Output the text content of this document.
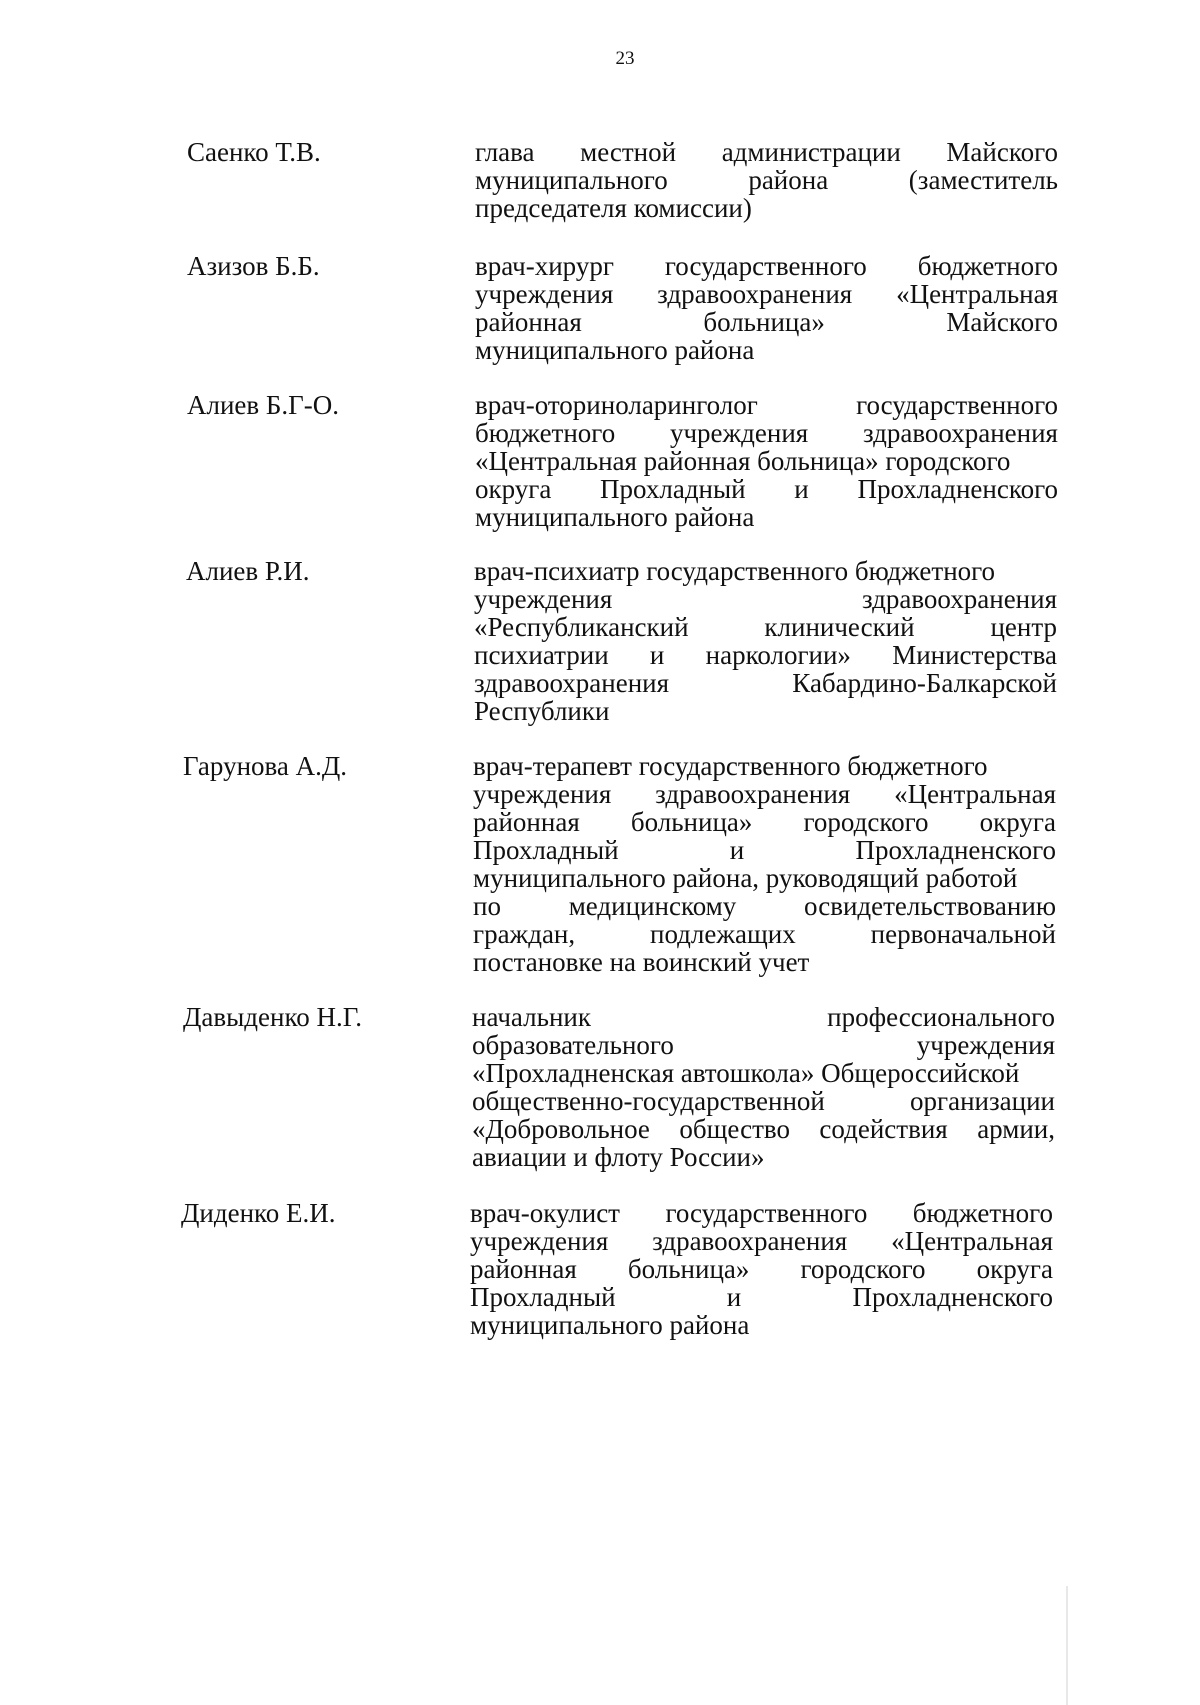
23
Саенко Т.В.	глава местной администрации Майского
муниципального	района	(заместитель
председателя комиссии)
Азизов Б.Б.	врач-хирург государственного бюджетного
учреждения здравоохранения «Центральная
районная	больница»	Майского
муниципального района
Алиев Б.Г-О.	врач-оториноларинголог	государственного
бюджетного учреждения здравоохранения
«Центральная районная больница» городского
округа Прохладный и Прохладненского
муниципального района
Алиев Р.И.	врач-психиатр государственного бюджетного
учреждения	здравоохранения
«Республиканский	клинический	центр
психиатрии и наркологии» Министерства
здравоохранения	Кабардино-Балкарской
Республики
Гарунова А.Д.	врач-терапевт государственного бюджетного
учреждения здравоохранения «Центральная
районная больница» городского округа
Прохладный	и	Прохладненского
муниципального района, руководящий работой
по	медицинскому	освидетельствованию
граждан,	подлежащих	первоначальной
постановке на воинский учет
Давыденко Н.Г.	начальник	профессионального
образовательного	учреждения
«Прохладненская автошкола» Общероссийской
общественно-государственной	организации
«Добровольное общество содействия армии,
авиации и флоту России»
Диденко Е.И.	врач-окулист государственного бюджетного
учреждения здравоохранения «Центральная
районная больница» городского округа
Прохладный	и	Прохладненского
муниципального района
